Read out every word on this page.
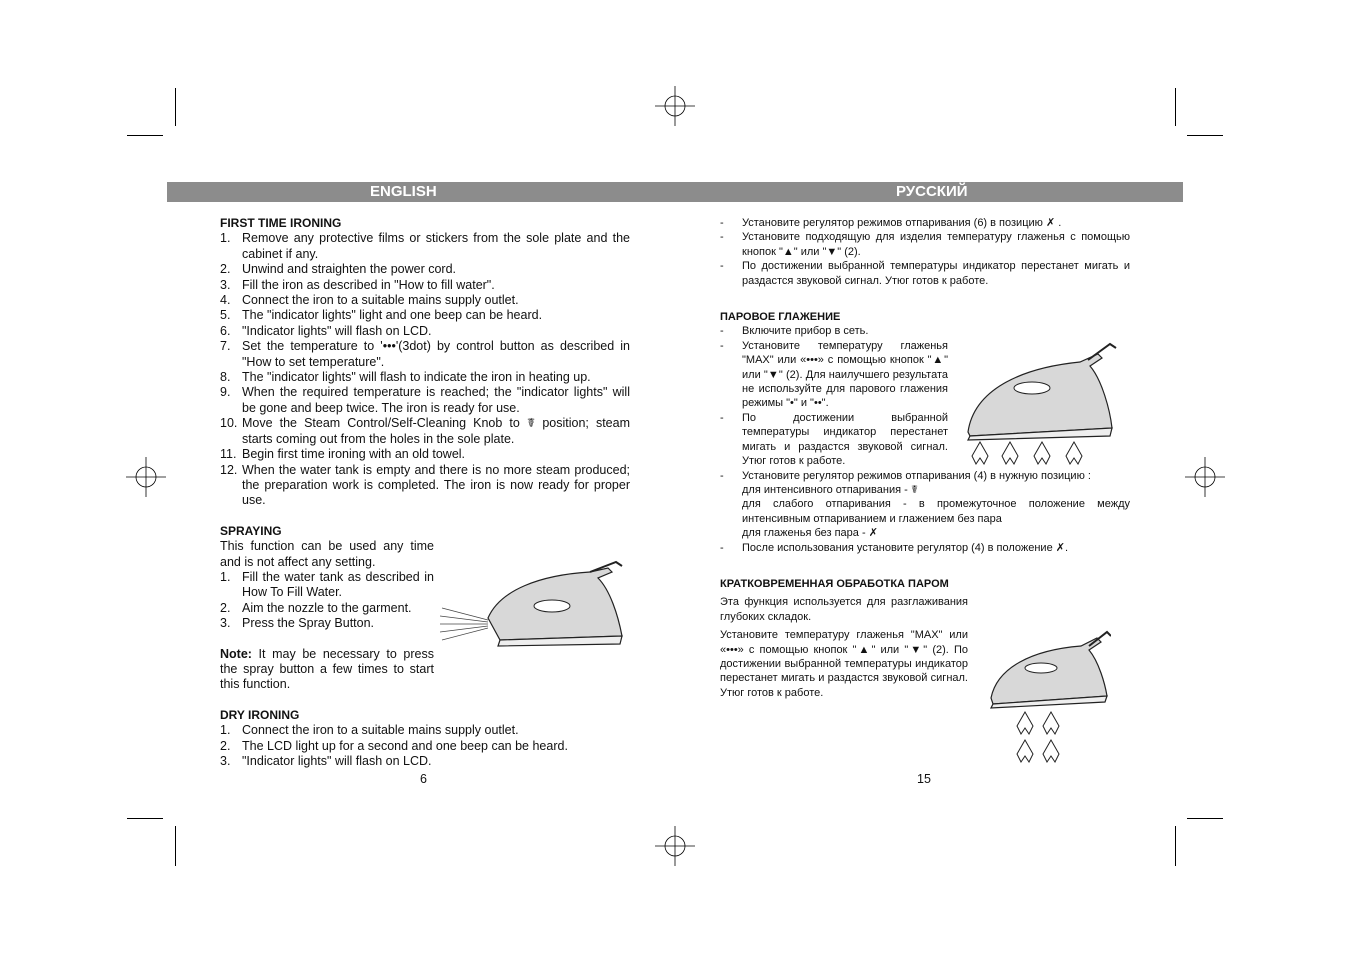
ENGLISH	РУССКИЙ

FIRST TIME IRONING

1. Remove any protective films or stickers from the sole plate and the cabinet if any.
2. Unwind and straighten the power cord.
3. Fill the iron as described in "How to fill water".
4. Connect the iron to a suitable mains supply outlet.
5. The "indicator lights" light and one beep can be heard.
6. "Indicator lights" will flash on LCD.
7. Set the temperature to '•••'(3dot) by control button as described in "How to set temperature".
8. The "indicator lights" will flash to indicate the iron in heating up.
9. When the required temperature is reached; the "indicator lights" will be gone and beep twice. The iron is ready for use.
10. Move the Steam Control/Self-Cleaning Knob to ☤ position; steam starts coming out from the holes in the sole plate.
11. Begin first time ironing with an old towel.
12. When the water tank is empty and there is no more steam produced; the preparation work is completed. The iron is now ready for proper use.

SPRAYING

This function can be used any time and is not affect any setting.

1. Fill the water tank as described in How To Fill Water.
2. Aim the nozzle to the garment.
3. Press the Spray Button.

Note: It may be necessary to press the spray button a few times to start this function.

DRY IRONING

1. Connect the iron to a suitable mains supply outlet.
2. The LCD light up for a second and one beep can be heard.
3. "Indicator lights" will flash on LCD.
6
-	Установите регулятор режимов отпаривания (6) в позицию ✗ .
-	Установите подходящую для изделия температуру глаженья с помощью кнопок "▲" или "▼" (2).
-	По достижении выбранной температуры индикатор перестанет мигать и раздастся звуковой сигнал. Утюг готов к работе.

ПАРОВОЕ ГЛАЖЕНИЕ

-	Включите прибор в сеть.
-	Установите температуру глаженья "MAX" или «•••» с помощью кнопок "▲" или "▼" (2). Для наилучшего результата не используйте для парового глажения режимы "•" и "••".
-	По достижении выбранной температуры индикатор перестанет мигать и раздастся звуковой сигнал. Утюг готов к работе.
-	Установите регулятор режимов отпаривания (4) в нужную позицию :

для интенсивного отпаривания - ☤

для слабого отпаривания - в промежуточное положение между интенсивным отпариванием и глажением без пара

для глаженья без пара - ✗

-	После использования установите регулятор (4) в положение ✗.

КРАТКОВРЕМЕННАЯ ОБРАБОТКА ПАРОМ

Эта функция используется для разглаживания глубоких складок.

Установите температуру глаженья "MAX" или «•••» с помощью кнопок "▲" или "▼" (2). По достижении выбранной температуры индикатор перестанет мигать и раздастся звуковой сигнал. Утюг готов к работе.

15
